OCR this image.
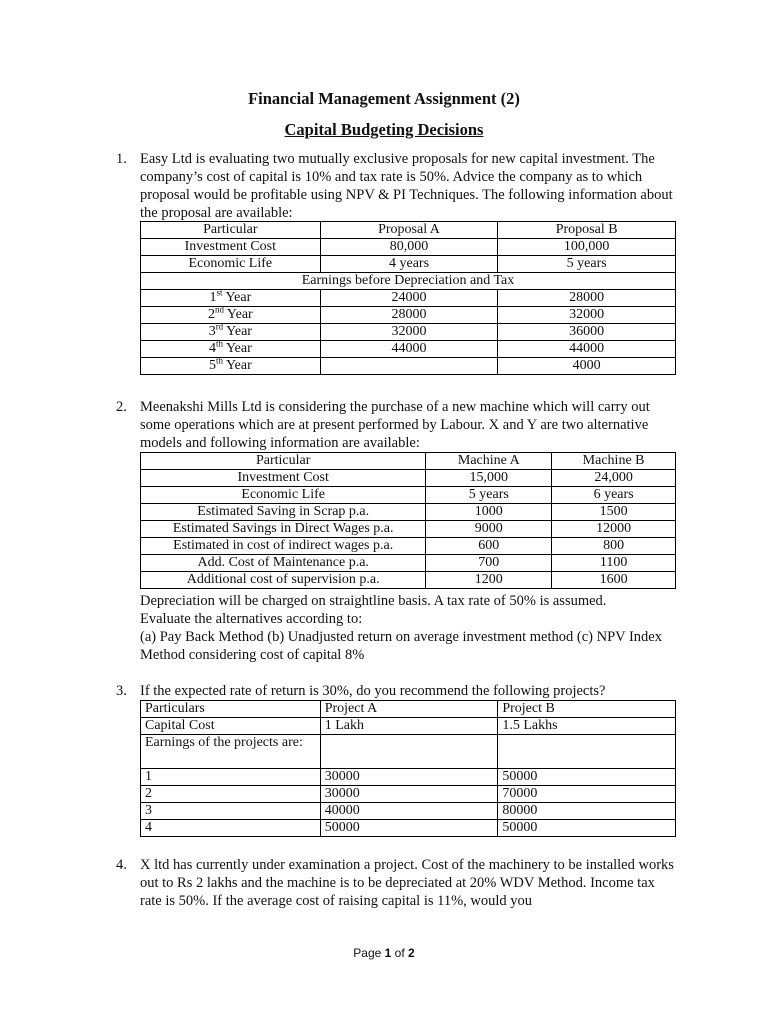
Financial Management Assignment (2)
Capital Budgeting Decisions
1. Easy Ltd is evaluating two mutually exclusive proposals for new capital investment. The company’s cost of capital is 10% and tax rate is 50%. Advice the company as to which proposal would be profitable using NPV & PI Techniques. The following information about the proposal are available:
Particular	Proposal A	Proposal B
Investment Cost	80,000	100,000
Economic Life	4 years	5 years
Earnings before Depreciation and Tax		
1st Year	24000	28000
2nd Year	28000	32000
3rd Year	32000	36000
4th Year	44000	44000
5th Year		4000
2. Meenakshi Mills Ltd is considering the purchase of a new machine which will carry out some operations which are at present performed by Labour. X and Y are two alternative models and following information are available:
Particular	Machine A	Machine B
Investment Cost	15,000	24,000
Economic Life	5 years	6 years
Estimated Saving in Scrap p.a.	1000	1500
Estimated Savings in Direct Wages p.a.	9000	12000
Estimated in cost of indirect wages p.a.	600	800
Add. Cost of Maintenance p.a.	700	1100
Additional cost of supervision p.a.	1200	1600
Depreciation will be charged on straightline basis. A tax rate of 50% is assumed.
Evaluate the alternatives according to:
(a) Pay Back Method (b) Unadjusted return on average investment method (c) NPV Index Method considering cost of capital 8%
3. If the expected rate of return is 30%, do you recommend the following projects?
Particulars	Project A	Project B
Capital Cost	1 Lakh	1.5 Lakhs
Earnings of the projects are:		
1	30000	50000
2	30000	70000
3	40000	80000
4	50000	50000
4. X ltd has currently under examination a project. Cost of the machinery to be installed works out to Rs 2 lakhs and the machine is to be depreciated at 20% WDV Method. Income tax rate is 50%. If the average cost of raising capital is 11%, would you
Page 1 of 2
